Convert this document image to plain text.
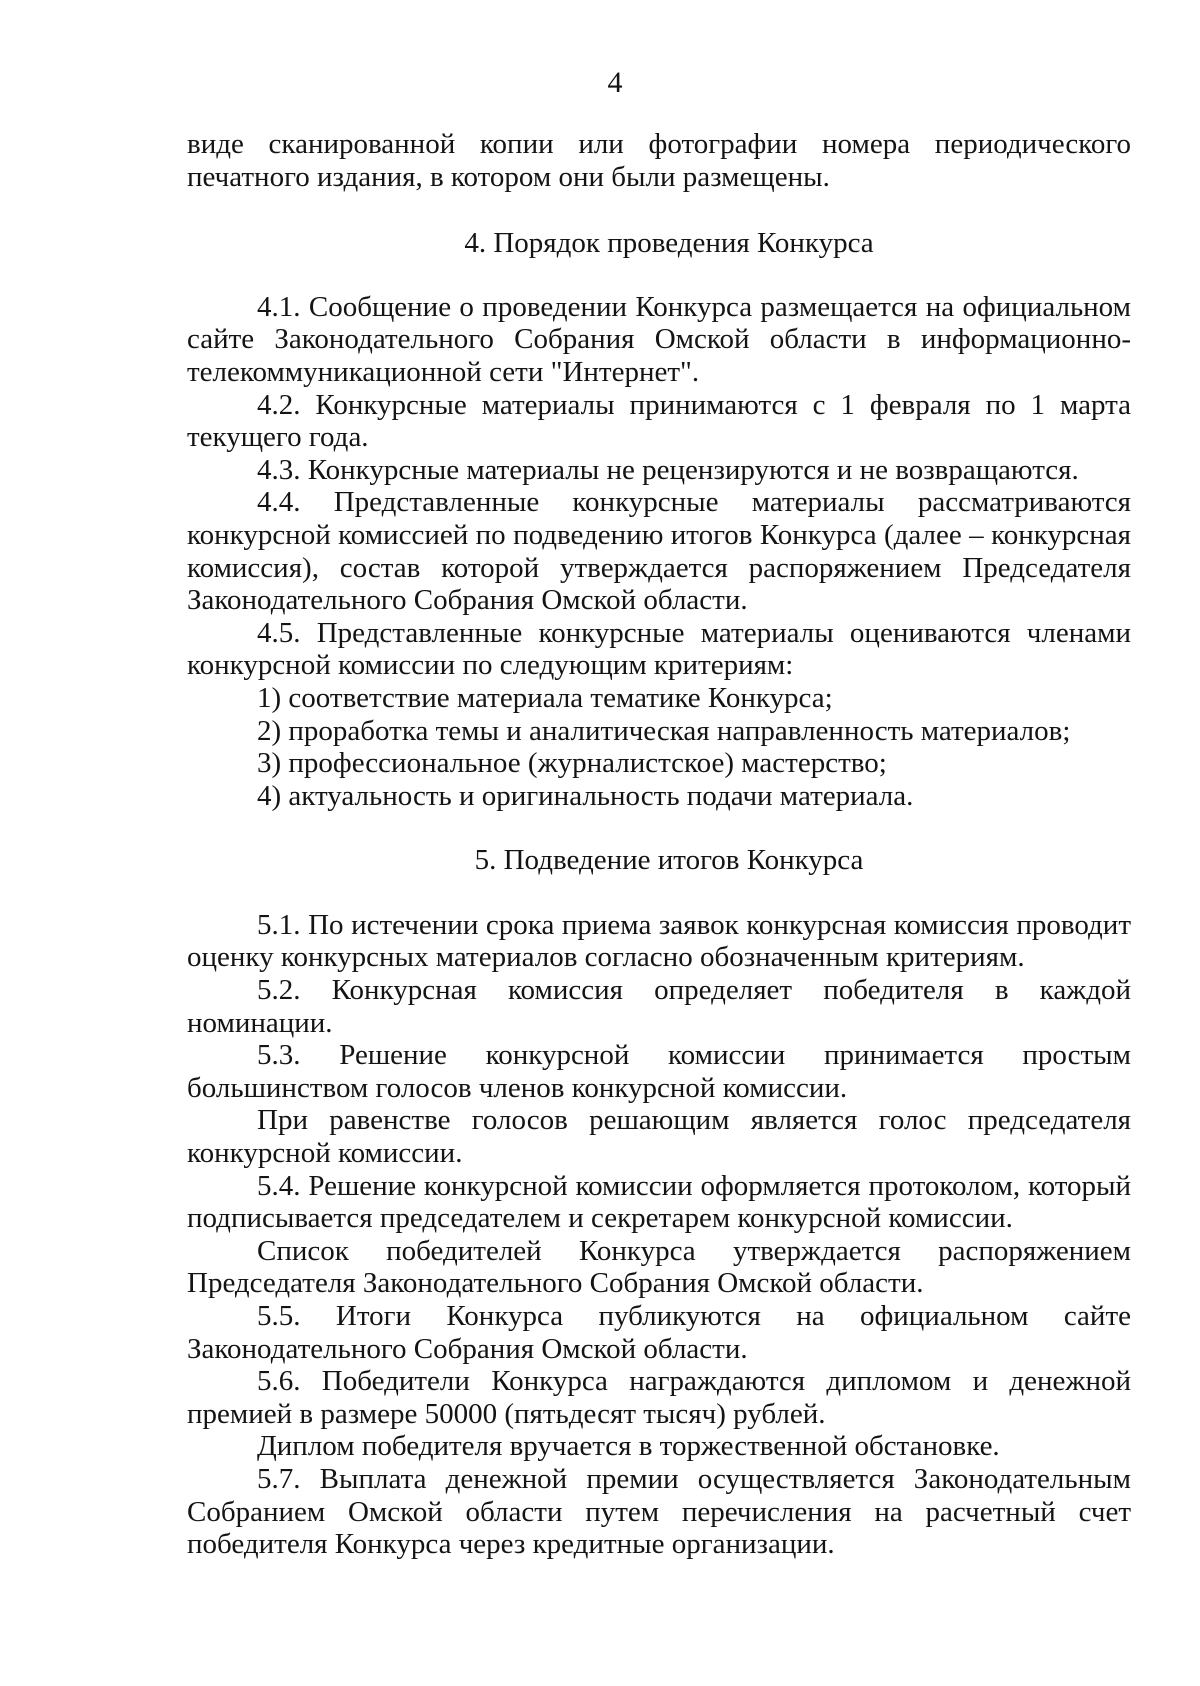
4

виде сканированной копии или фотографии номера периодического печатного издания, в котором они были размещены.

4. Порядок проведения Конкурса

4.1. Сообщение о проведении Конкурса размещается на официальном сайте Законодательного Собрания Омской области в информационно-телекоммуникационной сети "Интернет".

4.2. Конкурсные материалы принимаются с 1 февраля по 1 марта текущего года.

4.3. Конкурсные материалы не рецензируются и не возвращаются.

4.4. Представленные конкурсные материалы рассматриваются конкурсной комиссией по подведению итогов Конкурса (далее – конкурсная комиссия), состав которой утверждается распоряжением Председателя Законодательного Собрания Омской области.

4.5. Представленные конкурсные материалы оцениваются членами конкурсной комиссии по следующим критериям:

1) соответствие материала тематике Конкурса;

2) проработка темы и аналитическая направленность материалов;

3) профессиональное (журналистское) мастерство;

4) актуальность и оригинальность подачи материала.

5. Подведение итогов Конкурса

5.1. По истечении срока приема заявок конкурсная комиссия проводит оценку конкурсных материалов согласно обозначенным критериям.

5.2. Конкурсная комиссия определяет победителя в каждой номинации.

5.3. Решение конкурсной комиссии принимается простым большинством голосов членов конкурсной комиссии.

При равенстве голосов решающим является голос председателя конкурсной комиссии.

5.4. Решение конкурсной комиссии оформляется протоколом, который подписывается председателем и секретарем конкурсной комиссии.

Список победителей Конкурса утверждается распоряжением Председателя Законодательного Собрания Омской области.

5.5. Итоги Конкурса публикуются на официальном сайте Законодательного Собрания Омской области.

5.6. Победители Конкурса награждаются дипломом и денежной премией в размере 50000 (пятьдесят тысяч) рублей.

Диплом победителя вручается в торжественной обстановке.

5.7. Выплата денежной премии осуществляется Законодательным Собранием Омской области путем перечисления на расчетный счет победителя Конкурса через кредитные организации.
